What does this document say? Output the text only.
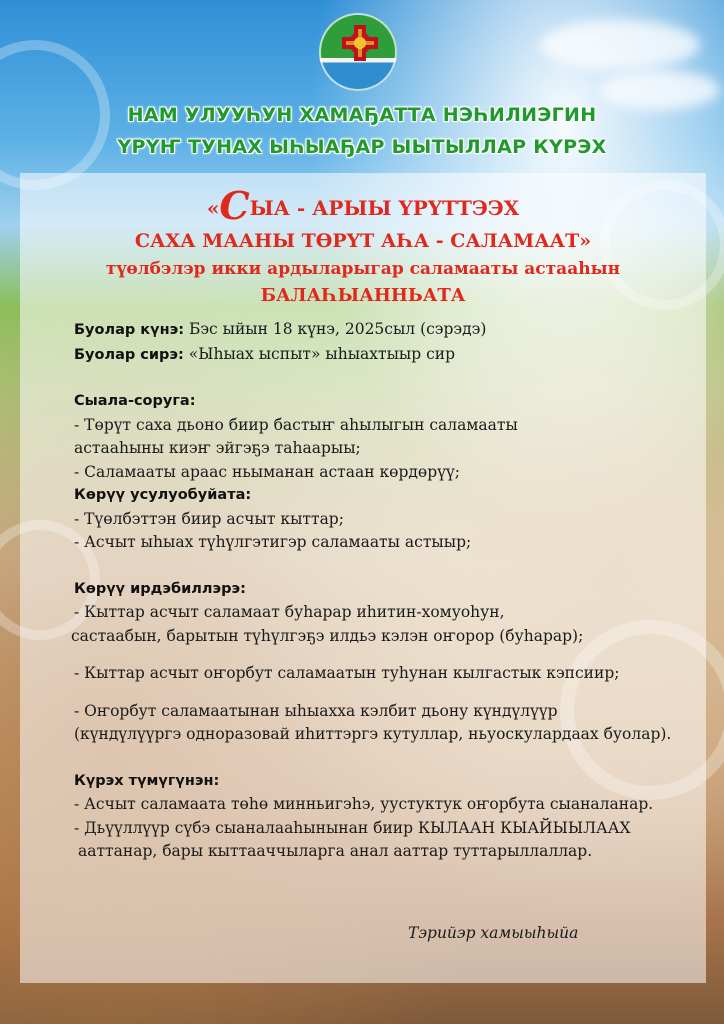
НАМ УЛУУҺУН ХАМАҔАТТА НЭҺИЛИЭГИН
ҮРҮҤ ТУНАХ ЫҺЫАҔАР ЫЫТЫЛЛАР КҮРЭХ
«СЫА - АРЫЫ ҮРҮТТЭЭХ
САХА МААНЫ ТӨРҮТ АҺА - САЛАМААТ»
түөлбэлэр икки ардыларыгар саламааты астааһын
БАЛАҺЫАННЬАТА
Буолар күнэ: Бэс ыйын 18 күнэ, 2025сыл (сэрэдэ)
Буолар сирэ: «Ыһыах ыспыт» ыһыахтыыр сир
Сыала-соруга:
- Төрүт саха дьоно биир бастыҥ аһылыгын саламааты
астааһыны киэҥ эйгэҕэ таһаарыы;
- Саламааты араас ньыманан астаан көрдөрүү;
Көрүү усулуобуйата:
- Түөлбэттэн биир асчыт кыттар;
- Асчыт ыһыах түһүлгэтигэр саламааты астыыр;
Көрүү ирдэбиллэрэ:
- Кыттар асчыт саламаат буһарар иһитин-хомуоһун,
састаабын, барытын түһүлгэҕэ илдьэ кэлэн оҥорор (буһарар);
- Кыттар асчыт оҥорбут саламаатын туһунан кылгастык кэпсиир;
- Оҥорбут саламаатынан ыһыахха кэлбит дьону күндүлүүр
(күндүлүүргэ одноразовай иһиттэргэ кутуллар, ньуоскулардаах буолар).
Күрэх түмүгүнэн:
- Асчыт саламаата төһө минньигэһэ, уустуктук оҥорбута сыаналанар.
- Дьүүллүүр сүбэ сыаналааһынынан биир КЫЛААН КЫАЙЫЫЛААХ
ааттанар, бары кыттааччыларга анал ааттар туттарыллаллар.
Тэрийэр хамыыһыйа
